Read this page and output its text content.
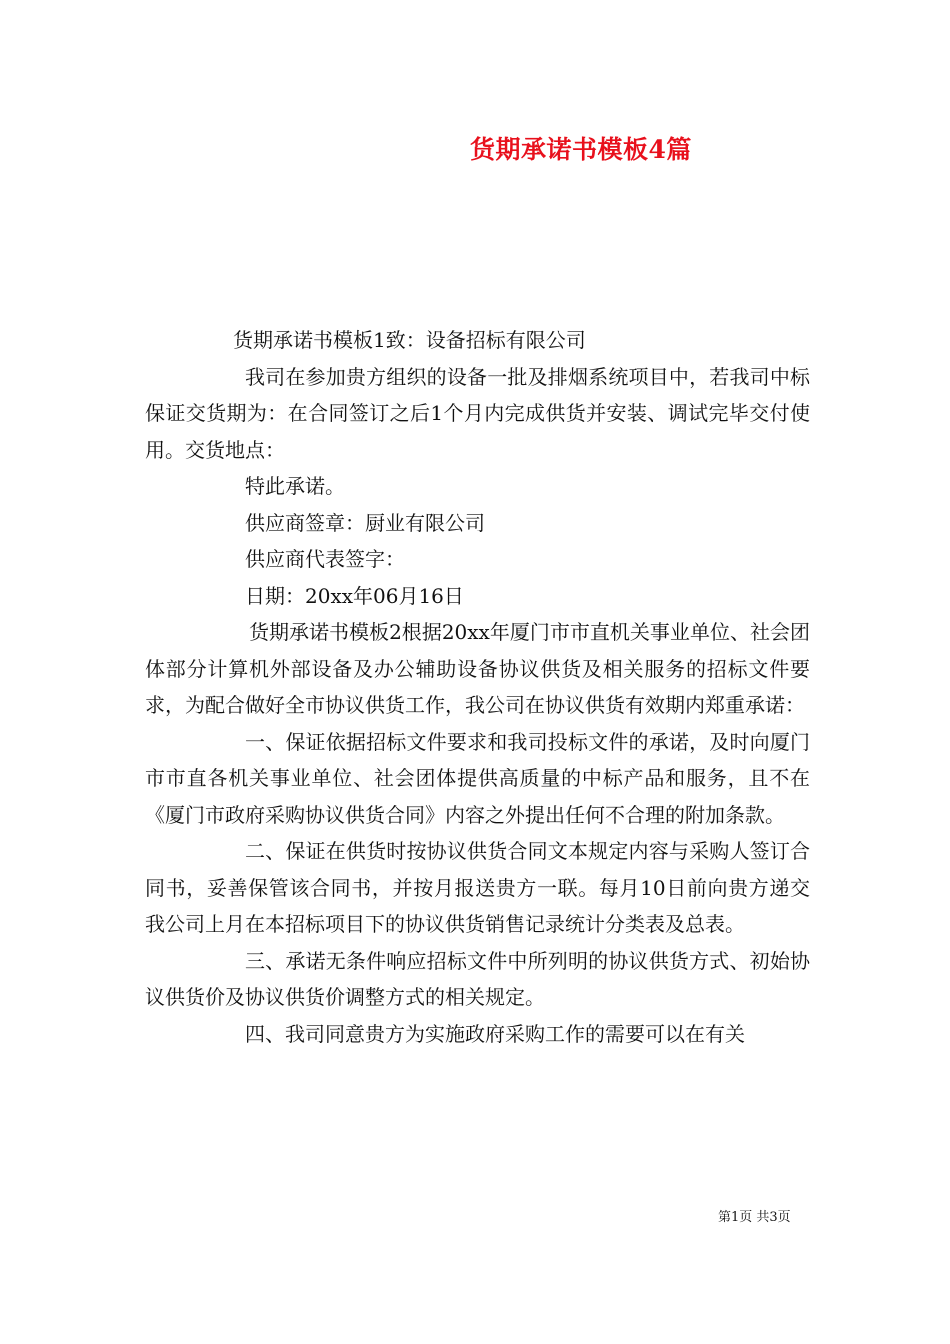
货期承诺书模板4篇

货期承诺书模板1致：设备招标有限公司

我司在参加贵方组织的设备一批及排烟系统项目中，若我司中标保证交货期为：在合同签订之后1个月内完成供货并安装、调试完毕交付使用。交货地点：

特此承诺。

供应商签章：厨业有限公司

供应商代表签字：

日期：20xx年06月16日

货期承诺书模板2根据20xx年厦门市市直机关事业单位、社会团体部分计算机外部设备及办公辅助设备协议供货及相关服务的招标文件要求，为配合做好全市协议供货工作，我公司在协议供货有效期内郑重承诺：

一、保证依据招标文件要求和我司投标文件的承诺，及时向厦门市市直各机关事业单位、社会团体提供高质量的中标产品和服务，且不在《厦门市政府采购协议供货合同》内容之外提出任何不合理的附加条款。

二、保证在供货时按协议供货合同文本规定内容与采购人签订合同书，妥善保管该合同书，并按月报送贵方一联。每月10日前向贵方递交我公司上月在本招标项目下的协议供货销售记录统计分类表及总表。

三、承诺无条件响应招标文件中所列明的协议供货方式、初始协议供货价及协议供货价调整方式的相关规定。

四、我司同意贵方为实施政府采购工作的需要可以在有关

第1页 共3页
